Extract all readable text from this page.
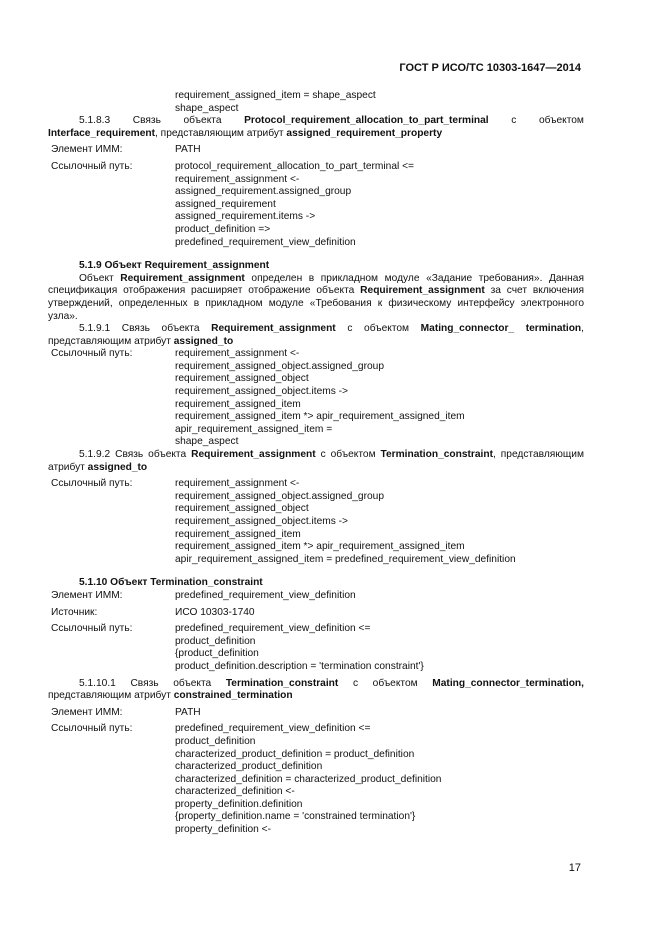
ГОСТ Р ИСО/ТС 10303-1647—2014
requirement_assigned_item = shape_aspect
shape_aspect
5.1.8.3 Связь объекта Protocol_requirement_allocation_to_part_terminal с объектом
Interface_requirement, представляющим атрибут assigned_requirement_property
Элемент ИММ:	PATH
Ссылочный путь:	protocol_requirement_allocation_to_part_terminal <=
requirement_assignment <-
assigned_requirement.assigned_group
assigned_requirement
assigned_requirement.items ->
product_definition =>
predefined_requirement_view_definition
5.1.9 Объект Requirement_assignment
Объект Requirement_assignment определен в прикладном модуле «Задание требования». Данная спецификация отображения расширяет отображение объекта Requirement_assignment за счет включения утверждений, определенных в прикладном модуле «Требования к физическому интерфейсу электронного узла».
5.1.9.1 Связь объекта Requirement_assignment с объектом Mating_connector_ termination, представляющим атрибут assigned_to
Ссылочный путь:	requirement_assignment <-
requirement_assigned_object.assigned_group
requirement_assigned_object
requirement_assigned_object.items ->
requirement_assigned_item
requirement_assigned_item *> apir_requirement_assigned_item
apir_requirement_assigned_item =
shape_aspect
5.1.9.2 Связь объекта Requirement_assignment с объектом Termination_constraint, представляющим атрибут assigned_to
Ссылочный путь:	requirement_assignment <-
requirement_assigned_object.assigned_group
requirement_assigned_object
requirement_assigned_object.items ->
requirement_assigned_item
requirement_assigned_item *> apir_requirement_assigned_item
apir_requirement_assigned_item = predefined_requirement_view_definition
5.1.10 Объект Termination_constraint
Элемент ИММ:	predefined_requirement_view_definition
Источник:	ИСО 10303-1740
Ссылочный путь:	predefined_requirement_view_definition <=
product_definition
{product_definition
product_definition.description = 'termination constraint'}
5.1.10.1 Связь объекта Termination_constraint с объектом Mating_connector_termination,
представляющим атрибут constrained_termination
Элемент ИММ:	PATH
Ссылочный путь:	predefined_requirement_view_definition <=
product_definition
characterized_product_definition = product_definition
characterized_product_definition
characterized_definition = characterized_product_definition
characterized_definition <-
property_definition.definition
{property_definition.name = 'constrained termination'}
property_definition <-
17
